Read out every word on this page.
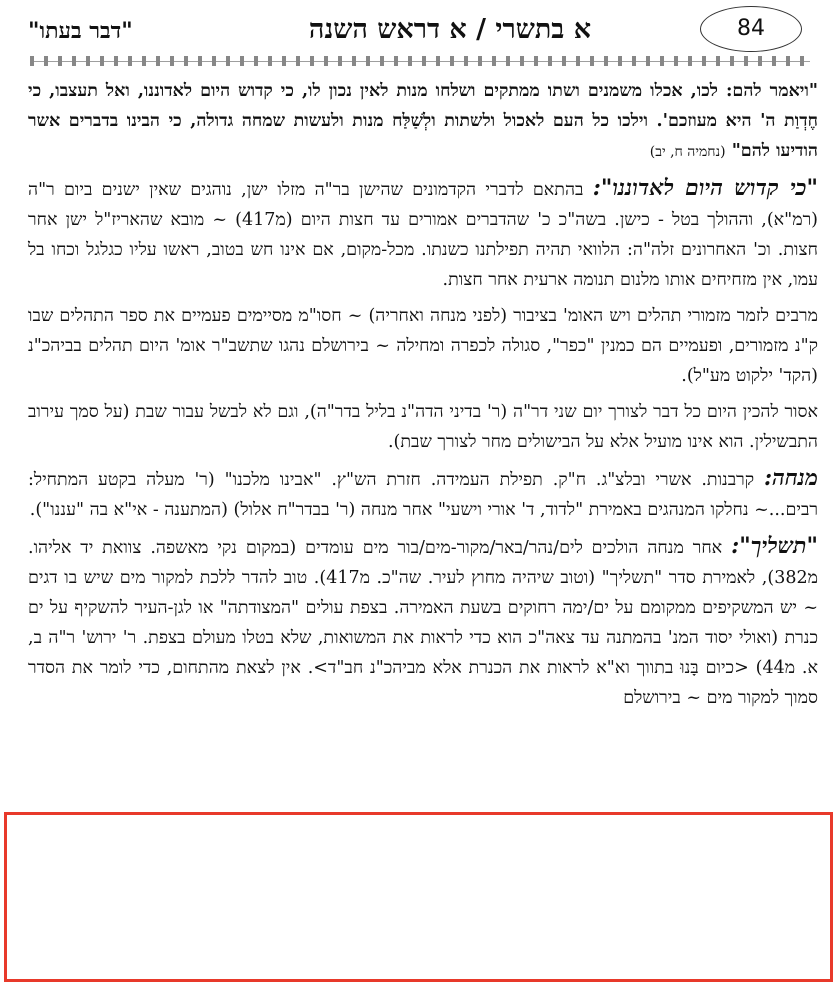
84
א בתשרי / א דראש השנה
"דבר בעתו"

"ויאמר להם: לכו, אכלו משמנים ושתו ממתקים ושלחו מנות לאין נכון לו, כי קדוש היום לאדוננו, ואל תעצבו, כי חֶדְוַת ה' היא מעוזכם'. וילכו כל העם לאכול ולשתות ולְשַׁלַּח מנות ולעשות שמחה גדולה, כי הבינו בדברים אשר הודיעו להם" (נחמיה ח, יב)

"כי קדוש היום לאדוננו": בהתאם לדברי הקדמונים שהישן בר"ה מזלו ישן, נוהגים שאין ישנים ביום ר"ה (רמ"א), וההולך בטל - כישן. בשה"כ כ' שהדברים אמורים עד חצות היום (מ417) ~ מובא שהאריז"ל ישן אחר חצות. וכ' האחרונים זלה"ה: הלוואי תהיה תפילתנו כשנתו. מכל-מקום, אם אינו חש בטוב, ראשו עליו כגלגל וכחו בל עמו, אין מזחיחים אותו מלנום תנומה ארעית אחר חצות.

מרבים לזמר מזמורי תהלים ויש האומ' בציבור (לפני מנחה ואחריה) ~ חסו"מ מסיימים פעמיים את ספר התהלים שבו ק"נ מזמורים, ופעמיים הם כמנין "כפר", סגולה לכפרה ומחילה ~ בירושלם נהגו שתשב"ר אומ' היום תהלים בביהכ"נ (הקד' ילקוט מע"ל).

אסור להכין היום כל דבר לצורך יום שני דר"ה (ר' בדיני הדה"נ בליל בדר"ה), וגם לא לבשל עבור שבת (על סמך עירוב התבשילין. הוא אינו מועיל אלא על הבישולים מחר לצורך שבת).

מנחה: קרבנות. אשרי ובלצ"ג. ח"ק. תפילת העמידה. חזרת הש"ץ. "אבינו מלכנו" (ר' מעלה בקטע המתחיל: רבים...~ נחלקו המנהגים באמירת "לדוד, ד' אורי וישעי" אחר מנחה (ר' בבדר"ח אלול) (המתענה - אי"א בה "עננו").

"תשליך": אחר מנחה הולכים לים/נהר/באר/מקור-מים/בור מים עומדים (במקום נקי מאשפה. צוואת יד אליהו. מ382), לאמירת סדר "תשליך" (וטוב שיהיה מחוץ לעיר. שה"כ. מ417). טוב להדר ללכת למקור מים שיש בו דגים ~ יש המשקיפים ממקומם על ים/ימה רחוקים בשעת האמירה. בצפת עולים "המצודתה" או לגן-העיר להשקיף על ים כנרת (ואולי יסוד המנ' בהמתנה עד צאה"כ הוא כדי לראות את המשואות, שלא בטלו מעולם בצפת. ר' ירוש' ר"ה ב, א. מ44) <כיום בָּנוּ בתווך וא"א לראות את הכנרת אלא מביהכ"נ חב"ד>. אין לצאת מהתחום, כדי לומר את הסדר סמוך למקור מים ~ בירושלם
